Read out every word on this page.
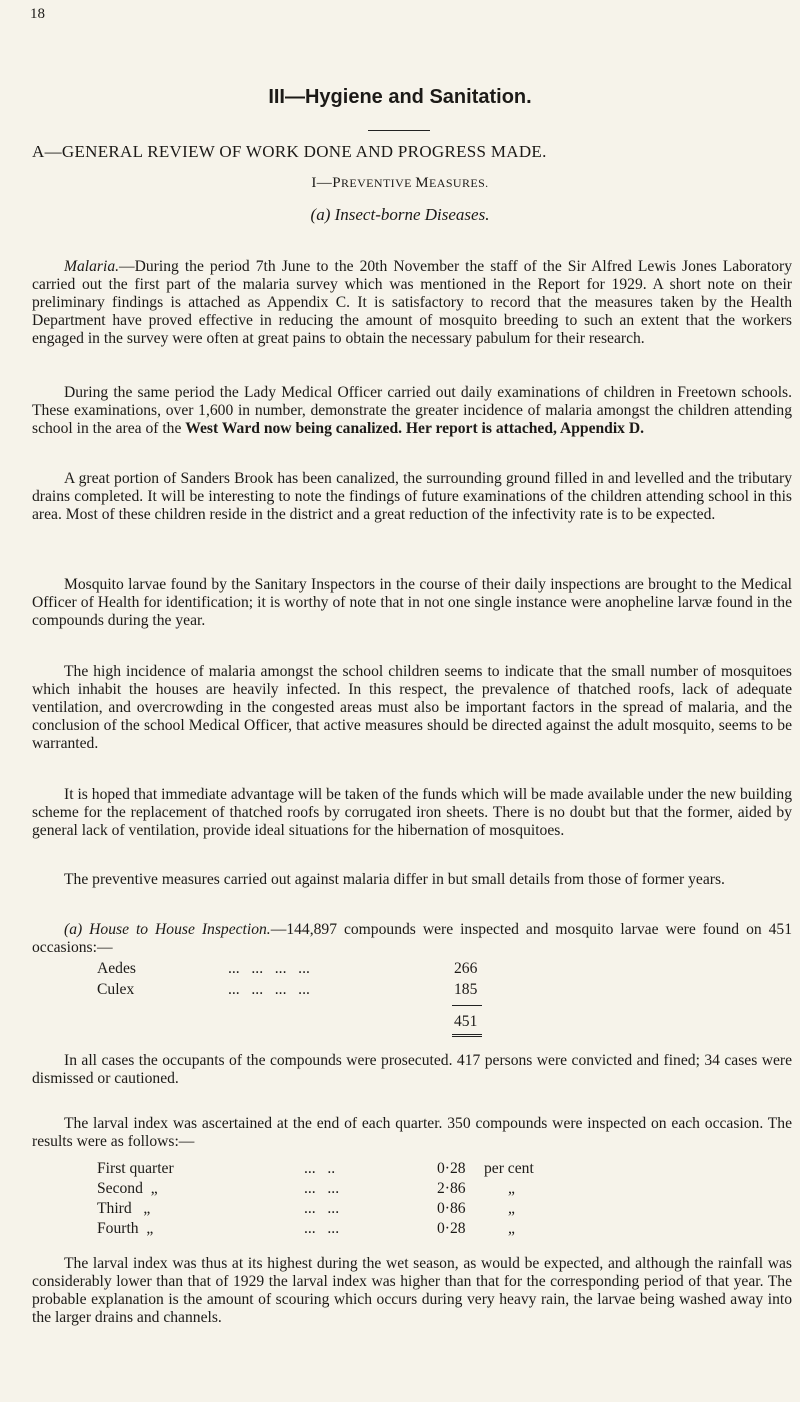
18
III—Hygiene and Sanitation.
A—GENERAL REVIEW OF WORK DONE AND PROGRESS MADE.
I—PREVENTIVE MEASURES.
(a) Insect-borne Diseases.

Malaria.—During the period 7th June to the 20th November the staff of the Sir Alfred Lewis Jones Laboratory carried out the first part of the malaria survey which was mentioned in the Report for 1929. A short note on their preliminary findings is attached as Appendix C. It is satisfactory to record that the measures taken by the Health Department have proved effective in reducing the amount of mosquito breeding to such an extent that the workers engaged in the survey were often at great pains to obtain the necessary pabulum for their research.

During the same period the Lady Medical Officer carried out daily examinations of children in Freetown schools. These examinations, over 1,600 in number, demonstrate the greater incidence of malaria amongst the children attending school in the area of the West Ward now being canalized. Her report is attached, Appendix D.

A great portion of Sanders Brook has been canalized, the surrounding ground filled in and levelled and the tributary drains completed. It will be interesting to note the findings of future examinations of the children attending school in this area. Most of these children reside in the district and a great reduction of the infectivity rate is to be expected.

Mosquito larvae found by the Sanitary Inspectors in the course of their daily inspections are brought to the Medical Officer of Health for identification; it is worthy of note that in not one single instance were anopheline larvæ found in the compounds during the year.

The high incidence of malaria amongst the school children seems to indicate that the small number of mosquitoes which inhabit the houses are heavily infected. In this respect, the prevalence of thatched roofs, lack of adequate ventilation, and overcrowding in the congested areas must also be important factors in the spread of malaria, and the conclusion of the school Medical Officer, that active measures should be directed against the adult mosquito, seems to be warranted.

It is hoped that immediate advantage will be taken of the funds which will be made available under the new building scheme for the replacement of thatched roofs by corrugated iron sheets. There is no doubt but that the former, aided by general lack of ventilation, provide ideal situations for the hibernation of mosquitoes.

The preventive measures carried out against malaria differ in but small details from those of former years.

(a) House to House Inspection.—144,897 compounds were inspected and mosquito larvae were found on 451 occasions:—

Aedes	...   ...   ...   ...	266
Culex	...   ...   ...   ...	185
451

In all cases the occupants of the compounds were prosecuted. 417 persons were convicted and fined; 34 cases were dismissed or cautioned.

The larval index was ascertained at the end of each quarter. 350 compounds were inspected on each occasion. The results were as follows:—

First quarter	...   ..	0·28 per cent
Second  „	...   ...	2·86	„
Third   „	...   ...	0·86	„
Fourth  „	...   ...	0·28	„

The larval index was thus at its highest during the wet season, as would be expected, and although the rainfall was considerably lower than that of 1929 the larval index was higher than that for the corresponding period of that year. The probable explanation is the amount of scouring which occurs during very heavy rain, the larvae being washed away into the larger drains and channels.
